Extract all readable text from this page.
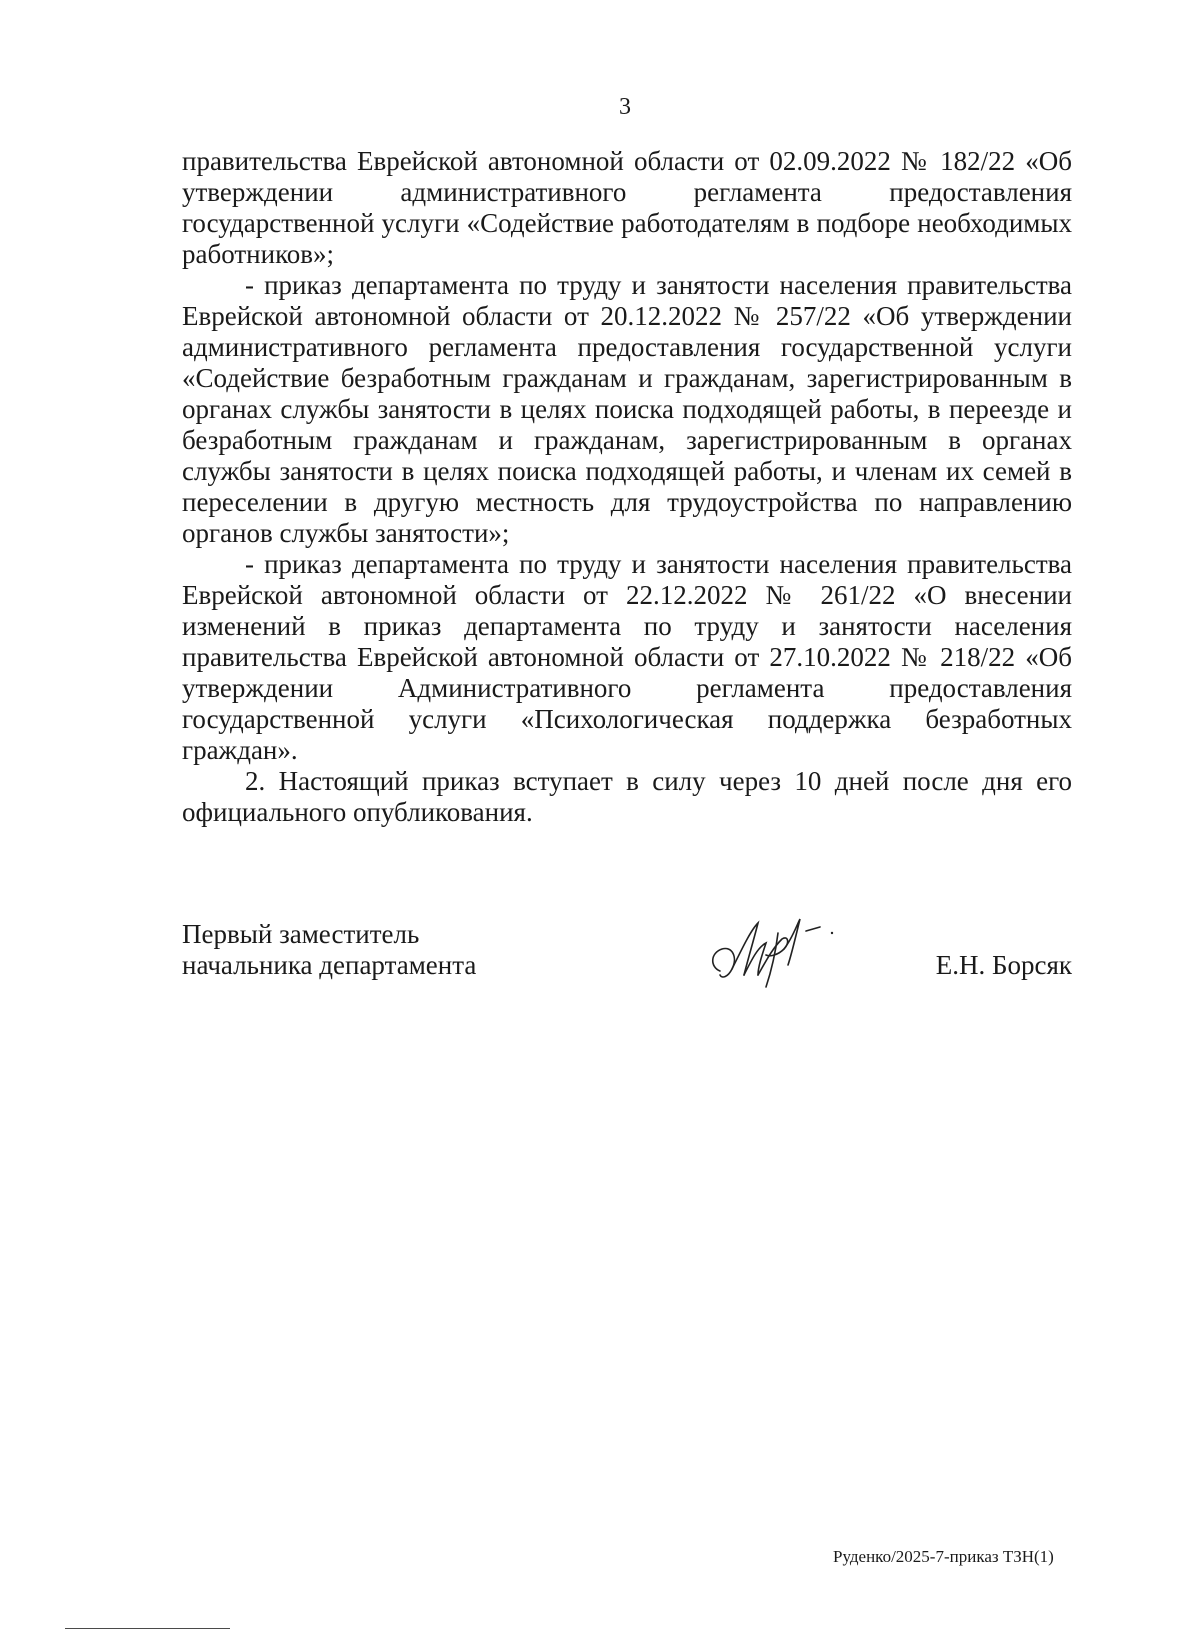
3

правительства Еврейской автономной области от 02.09.2022 № 182/22 «Об утверждении административного регламента предоставления государственной услуги «Содействие работодателям в подборе необходимых работников»;

- приказ департамента по труду и занятости населения правительства Еврейской автономной области от 20.12.2022 № 257/22 «Об утверждении административного регламента предоставления государственной услуги «Содействие безработным гражданам и гражданам, зарегистрированным в органах службы занятости в целях поиска подходящей работы, в переезде и безработным гражданам и гражданам, зарегистрированным в органах службы занятости в целях поиска подходящей работы, и членам их семей в переселении в другую местность для трудоустройства по направлению органов службы занятости»;

- приказ департамента по труду и занятости населения правительства Еврейской автономной области от 22.12.2022 № 261/22 «О внесении изменений в приказ департамента по труду и занятости населения правительства Еврейской автономной области от 27.10.2022 № 218/22 «Об утверждении Административного регламента предоставления государственной услуги «Психологическая поддержка безработных граждан».

2. Настоящий приказ вступает в силу через 10 дней после дня его официального опубликования.

Первый заместитель
начальника департамента	Е.Н. Борсяк
Руденко/2025-7-приказ ТЗН(1)
